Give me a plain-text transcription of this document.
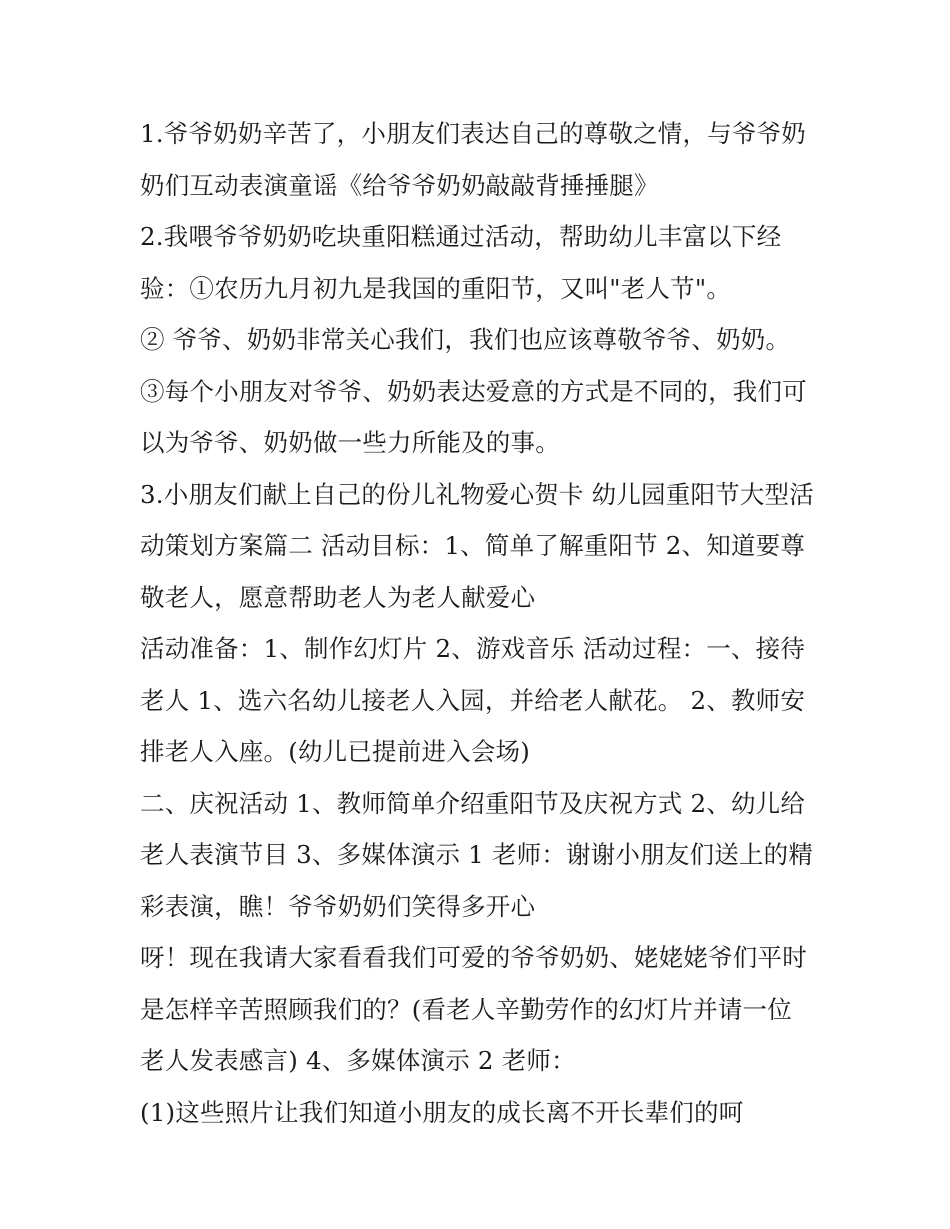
1.爷爷奶奶辛苦了，小朋友们表达自己的尊敬之情，与爷爷奶
奶们互动表演童谣《给爷爷奶奶敲敲背捶捶腿》

2.我喂爷爷奶奶吃块重阳糕通过活动，帮助幼儿丰富以下经
验：①农历九月初九是我国的重阳节，又叫"老人节"。

② 爷爷、奶奶非常关心我们，我们也应该尊敬爷爷、奶奶。

③每个小朋友对爷爷、奶奶表达爱意的方式是不同的，我们可
以为爷爷、奶奶做一些力所能及的事。

3.小朋友们献上自己的份儿礼物爱心贺卡 幼儿园重阳节大型活
动策划方案篇二 活动目标：1、简单了解重阳节 2、知道要尊
敬老人，愿意帮助老人为老人献爱心

活动准备：1、制作幻灯片 2、游戏音乐 活动过程：一、接待
老人 1、选六名幼儿接老人入园，并给老人献花。 2、教师安
排老人入座。(幼儿已提前进入会场)

二、庆祝活动 1、教师简单介绍重阳节及庆祝方式 2、幼儿给
老人表演节目 3、多媒体演示 1 老师：谢谢小朋友们送上的精
彩表演，瞧！爷爷奶奶们笑得多开心

呀！现在我请大家看看我们可爱的爷爷奶奶、姥姥姥爷们平时
是怎样辛苦照顾我们的？(看老人辛勤劳作的幻灯片并请一位
老人发表感言) 4、多媒体演示 2 老师：

(1)这些照片让我们知道小朋友的成长离不开长辈们的呵
